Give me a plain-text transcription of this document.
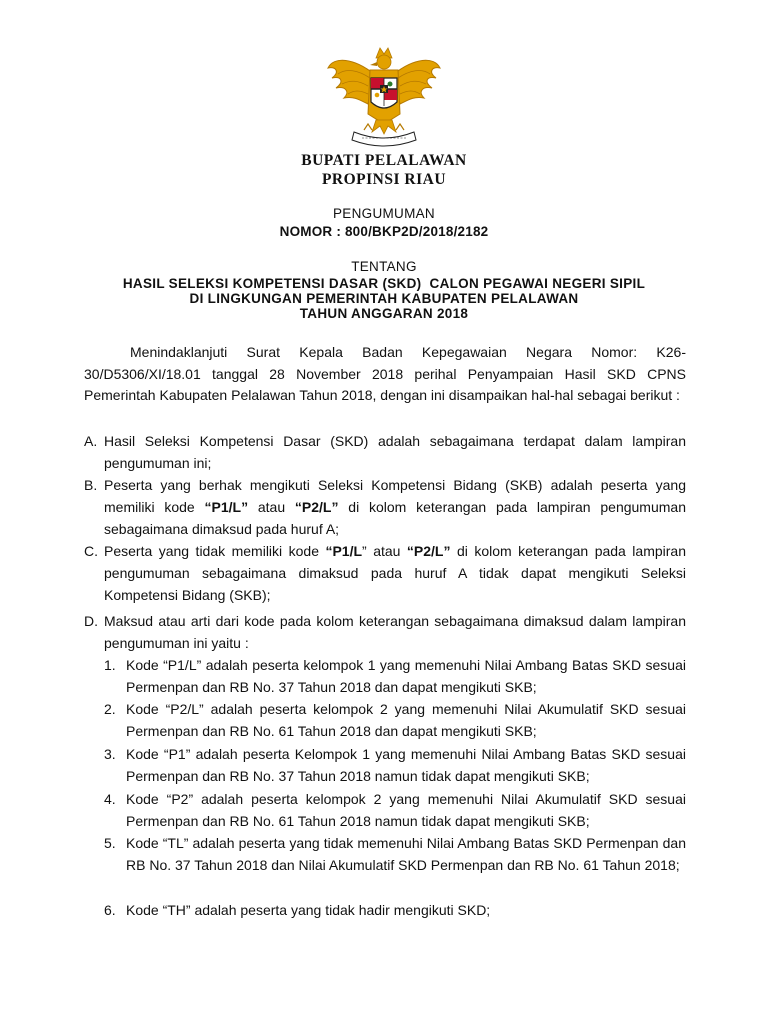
BUPATI PELALAWAN
PROPINSI RIAU
PENGUMUMAN
NOMOR : 800/BKP2D/2018/2182
TENTANG
HASIL SELEKSI KOMPETENSI DASAR (SKD)  CALON PEGAWAI NEGERI SIPIL
DI LINGKUNGAN PEMERINTAH KABUPATEN PELALAWAN
TAHUN ANGGARAN 2018
Menindaklanjuti Surat Kepala Badan Kepegawaian Negara Nomor: K26-30/D5306/XI/18.01 tanggal 28 November 2018 perihal Penyampaian Hasil SKD CPNS Pemerintah Kabupaten Pelalawan Tahun 2018, dengan ini disampaikan hal-hal sebagai berikut :
A. Hasil Seleksi Kompetensi Dasar (SKD) adalah sebagaimana terdapat dalam lampiran pengumuman ini;
B. Peserta yang berhak mengikuti Seleksi Kompetensi Bidang (SKB) adalah peserta yang memiliki kode “P1/L” atau “P2/L” di kolom keterangan pada lampiran pengumuman sebagaimana dimaksud pada huruf A;
C. Peserta yang tidak memiliki kode “P1/L” atau “P2/L” di kolom keterangan pada lampiran pengumuman sebagaimana dimaksud pada huruf A tidak dapat mengikuti Seleksi Kompetensi Bidang (SKB);
D. Maksud atau arti dari kode pada kolom keterangan sebagaimana dimaksud dalam lampiran pengumuman ini yaitu :
1. Kode “P1/L” adalah peserta kelompok 1 yang memenuhi Nilai Ambang Batas SKD sesuai Permenpan dan RB No. 37 Tahun 2018 dan dapat mengikuti SKB;
2. Kode “P2/L” adalah peserta kelompok 2 yang memenuhi Nilai Akumulatif SKD sesuai Permenpan dan RB No. 61 Tahun 2018 dan dapat mengikuti SKB;
3. Kode “P1” adalah peserta Kelompok 1 yang memenuhi Nilai Ambang Batas SKD sesuai Permenpan dan RB No. 37 Tahun 2018 namun tidak dapat mengikuti SKB;
4. Kode “P2” adalah peserta kelompok 2 yang memenuhi Nilai Akumulatif SKD sesuai Permenpan dan RB No. 61 Tahun 2018 namun tidak dapat mengikuti SKB;
5. Kode “TL” adalah peserta yang tidak memenuhi Nilai Ambang Batas SKD Permenpan dan RB No. 37 Tahun 2018 dan Nilai Akumulatif SKD Permenpan dan RB No. 61 Tahun 2018;
6. Kode “TH” adalah peserta yang tidak hadir mengikuti SKD;
